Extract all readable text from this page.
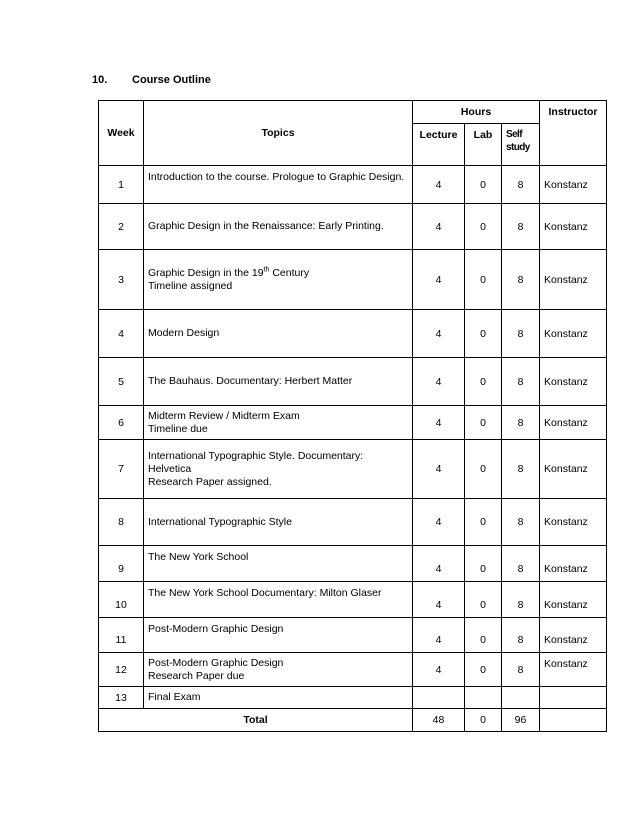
10. Course Outline
Week	Topics	Hours			Instructor
		Lecture	Lab	Self
study	

1	Introduction to the course. Prologue to Graphic Design.	4	0	8	Konstanz
2	Graphic Design in the Renaissance: Early Printing.	4	0	8	Konstanz
3	Graphic Design in the 19th Century
Timeline assigned	4	0	8	Konstanz
4	Modern Design	4	0	8	Konstanz
5	The Bauhaus. Documentary: Herbert Matter	4	0	8	Konstanz
6	Midterm Review / Midterm Exam
Timeline due	4	0	8	Konstanz
7	International Typographic Style. Documentary: Helvetica
Research Paper assigned.	4	0	8	Konstanz
8	International Typographic Style	4	0	8	Konstanz
9	The New York School	4	0	8	Konstanz
10	The New York School Documentary: Milton Glaser	4	0	8	Konstanz
11	Post-Modern Graphic Design	4	0	8	Konstanz
12	Post-Modern Graphic Design
Research Paper due	4	0	8	Konstanz
13	Final Exam				

Total		48	0	96	
